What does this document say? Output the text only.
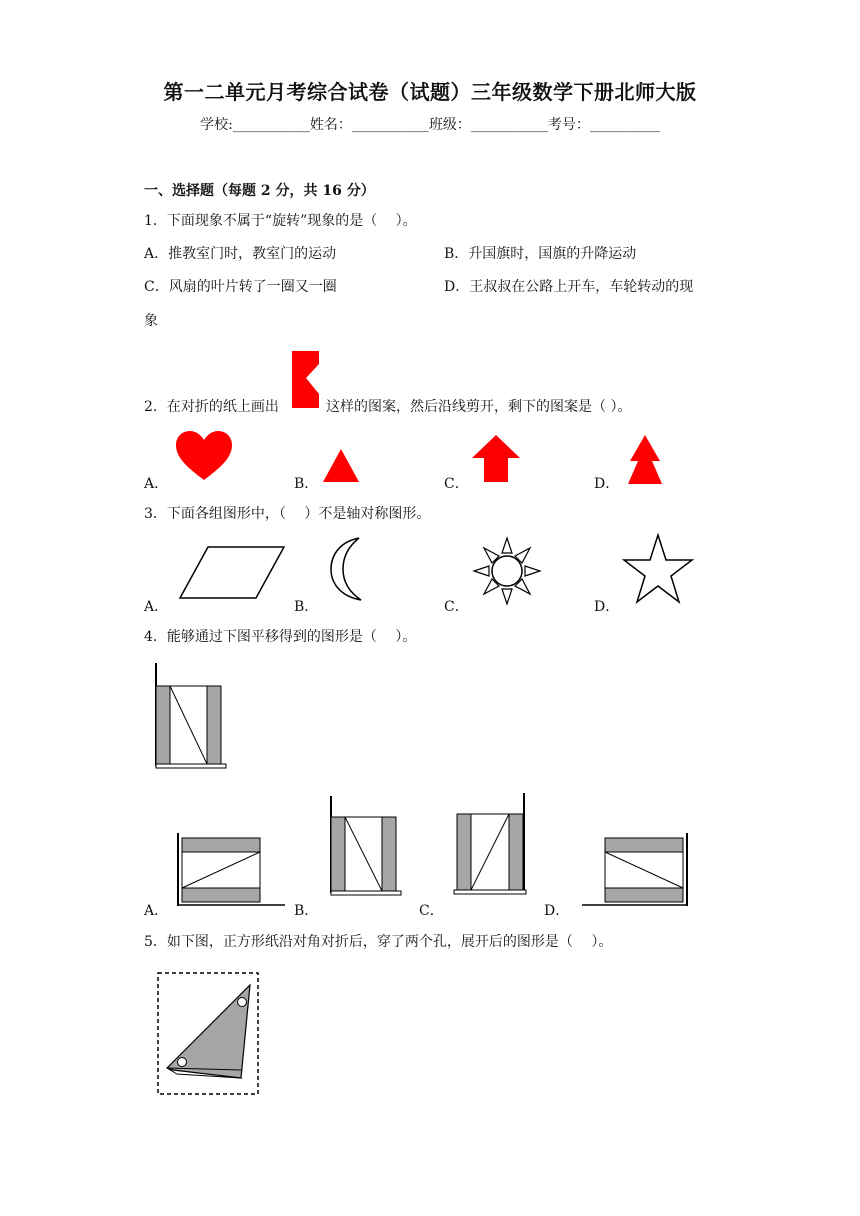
第一二单元月考综合试卷（试题）三年级数学下册北师大版
学校:___________姓名：___________班级：___________考号：__________
一、选择题（每题 2 分，共 16 分）
1．下面现象不属于“旋转”现象的是（　 ）。
A．推教室门时，教室门的运动	B．升国旗时，国旗的升降运动
C．风扇的叶片转了一圈又一圈	D．王叔叔在公路上开车，车轮转动的现
象
2．在对折的纸上画出	这样的图案，然后沿线剪开，剩下的图案是（ ）。
A．	B．	C．	D．
3．下面各组图形中，（　 ）不是轴对称图形。
A．	B．	C．	D．
4．能够通过下图平移得到的图形是（　 ）。
A．	B．	C．	D．
5．如下图，正方形纸沿对角对折后，穿了两个孔，展开后的图形是（　 ）。
